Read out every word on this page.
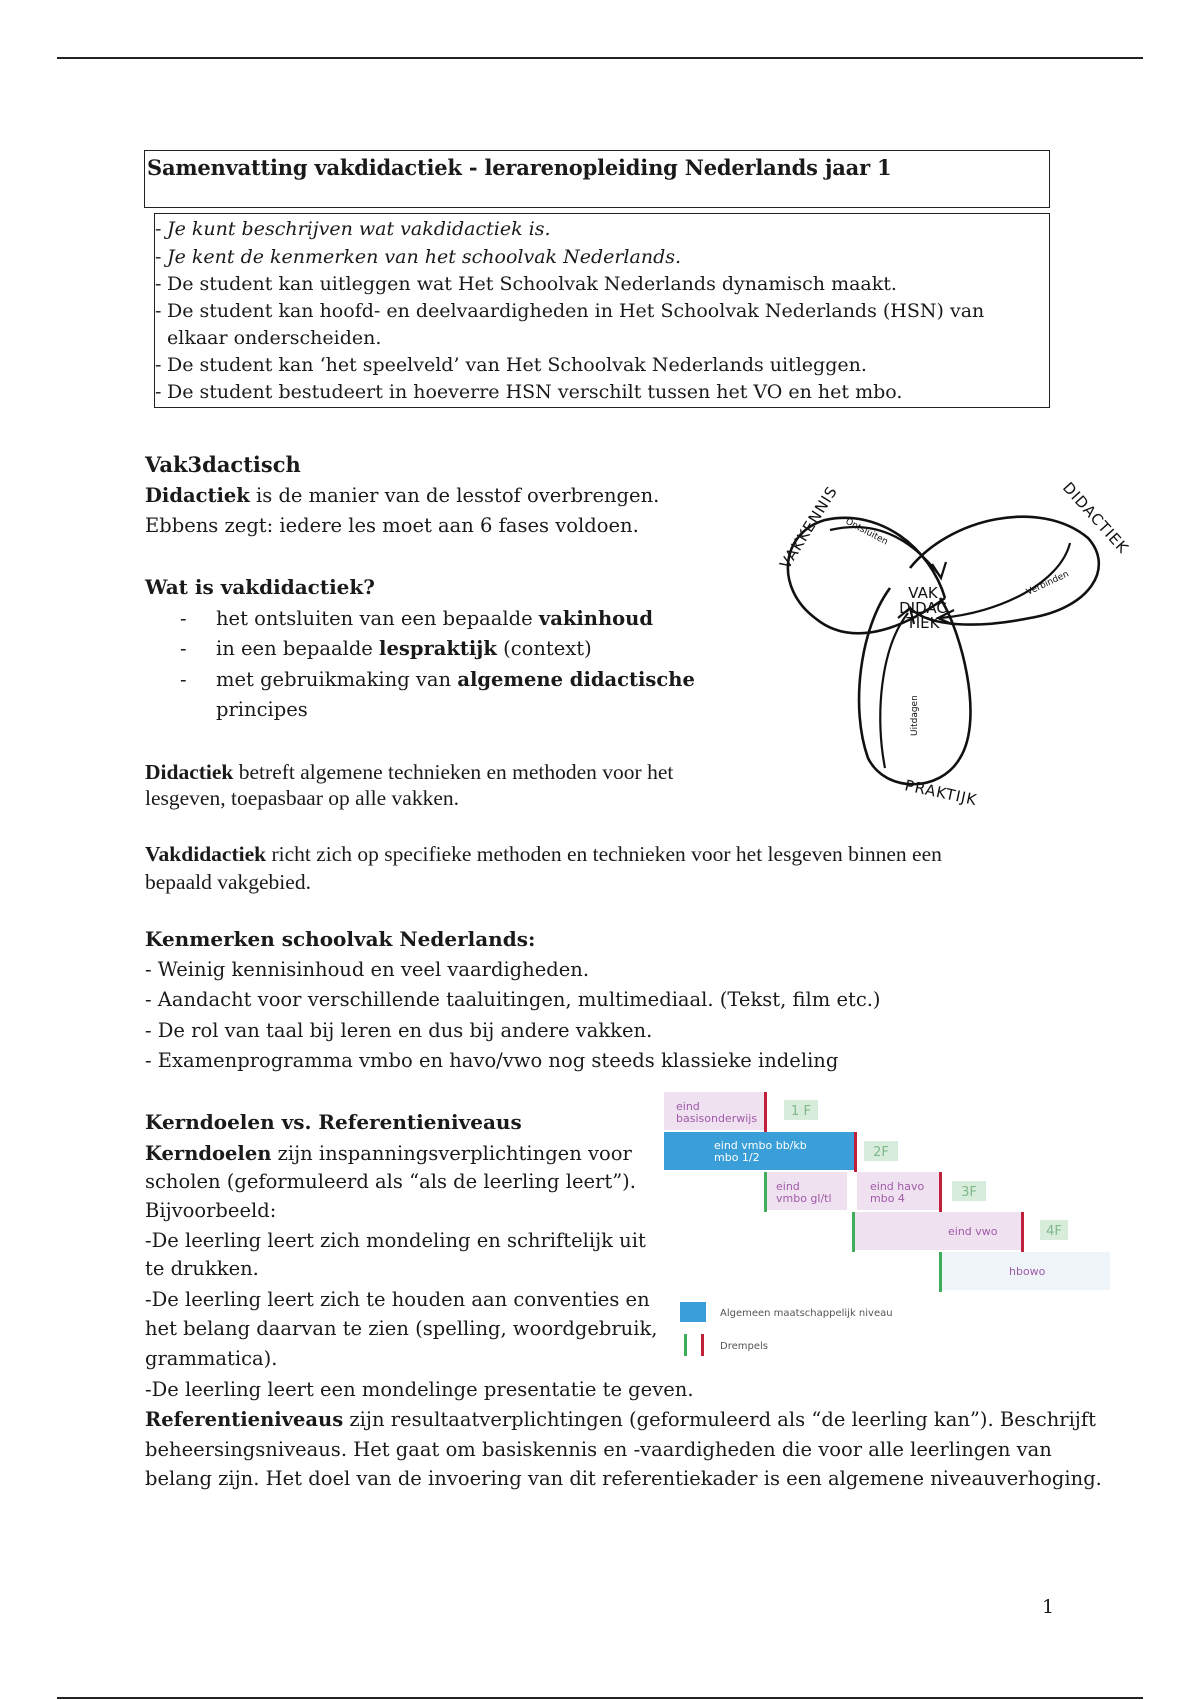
Samenvatting vakdidactiek - lerarenopleiding Nederlands jaar 1
- Je kunt beschrijven wat vakdidactiek is.
- Je kent de kenmerken van het schoolvak Nederlands.
- De student kan uitleggen wat Het Schoolvak Nederlands dynamisch maakt.
- De student kan hoofd- en deelvaardigheden in Het Schoolvak Nederlands (HSN) van elkaar onderscheiden.
- De student kan ‘het speelveld’ van Het Schoolvak Nederlands uitleggen.
- De student bestudeert in hoeverre HSN verschilt tussen het VO en het mbo.
Vak3dactisch
Didactiek is de manier van de lesstof overbrengen.
Ebbens zegt: iedere les moet aan 6 fases voldoen.
Wat is vakdidactiek?
- het ontsluiten van een bepaalde vakinhoud
- in een bepaalde lespraktijk (context)
- met gebruikmaking van algemene didactische
principes
Didactiek betreft algemene technieken en methoden voor het
lesgeven, toepasbaar op alle vakken.
Vakdidactiek richt zich op specifieke methoden en technieken voor het lesgeven binnen een
bepaald vakgebied.
Kenmerken schoolvak Nederlands:
- Weinig kennisinhoud en veel vaardigheden.
- Aandacht voor verschillende taaluitingen, multimediaal. (Tekst, film etc.)
- De rol van taal bij leren en dus bij andere vakken.
- Examenprogramma vmbo en havo/vwo nog steeds klassieke indeling
Kerndoelen vs. Referentieniveaus
Kerndoelen zijn inspanningsverplichtingen voor
scholen (geformuleerd als “als de leerling leert”).
Bijvoorbeeld:
-De leerling leert zich mondeling en schriftelijk uit
te drukken.
-De leerling leert zich te houden aan conventies en
het belang daarvan te zien (spelling, woordgebruik,
grammatica).
-De leerling leert een mondelinge presentatie te geven.
Referentieniveaus zijn resultaatverplichtingen (geformuleerd als “de leerling kan”). Beschrijft
beheersingsniveaus. Het gaat om basiskennis en -vaardigheden die voor alle leerlingen van
belang zijn. Het doel van de invoering van dit referentiekader is een algemene niveauverhoging.
VAKKENNIS	DIDACTIEK
PRAKTIJK
VAK
DIDAC
TIEK
Ontsluiten
Verbinden
Uitdagen
eind
basisonderwijs	1 F
eind vmbo bb/kb
mbo 1/2	2F
eind
vmbo gl/tl
eind havo
mbo 4	3F
eind vwo	4F
hbowo
Algemeen maatschappelijk niveau
Drempels
1
